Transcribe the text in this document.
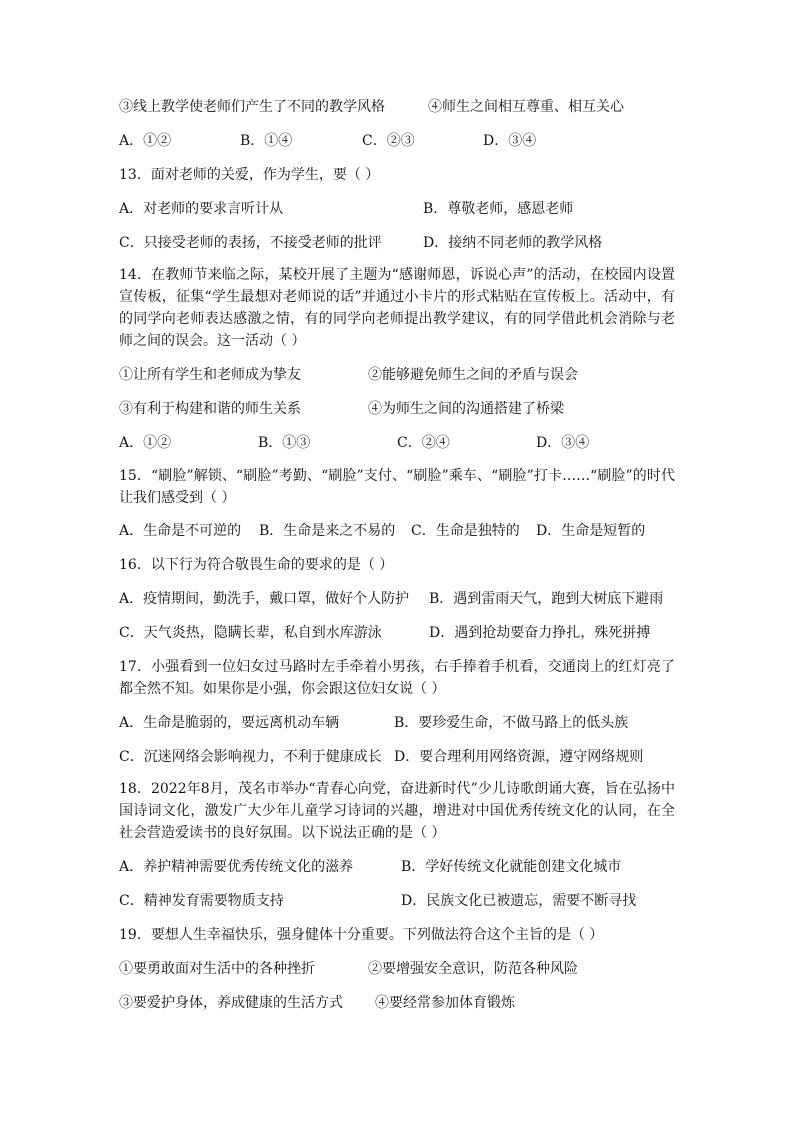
③线上教学使老师们产生了不同的教学风格	④师生之间相互尊重、相互关心
A．①②	B．①④	C．②③	D．③④
13．面对老师的关爱，作为学生，要（ ）
A．对老师的要求言听计从	B．尊敬老师，感恩老师
C．只接受老师的表扬，不接受老师的批评	D．接纳不同老师的教学风格
14．在教师节来临之际，某校开展了主题为“感谢师恩，诉说心声”的活动，在校园内设置宣传板，征集“学生最想对老师说的话”并通过小卡片的形式粘贴在宣传板上。活动中，有的同学向老师表达感激之情，有的同学向老师提出教学建议，有的同学借此机会消除与老师之间的误会。这一活动（ ）
①让所有学生和老师成为挚友	②能够避免师生之间的矛盾与误会
③有利于构建和谐的师生关系	④为师生之间的沟通搭建了桥梁
A．①②	B．①③	C．②④	D．③④
15．“刷脸”解锁、“刷脸”考勤、“刷脸”支付、“刷脸”乘车、“刷脸”打卡……“刷脸”的时代让我们感受到（ ）
A．生命是不可逆的 B．生命是来之不易的 C．生命是独特的 D．生命是短暂的
16．以下行为符合敬畏生命的要求的是（ ）
A．疫情期间，勤洗手，戴口罩，做好个人防护 B．遇到雷雨天气，跑到大树底下避雨
C．天气炎热，隐瞒长辈，私自到水库游泳	D．遇到抢劫要奋力挣扎，殊死拼搏
17．小强看到一位妇女过马路时左手牵着小男孩，右手捧着手机看，交通岗上的红灯亮了都全然不知。如果你是小强，你会跟这位妇女说（ ）
A．生命是脆弱的，要远离机动车辆	B．要珍爱生命，不做马路上的低头族
C．沉迷网络会影响视力，不利于健康成长 D．要合理利用网络资源，遵守网络规则
18．2022年8月，茂名市举办“青春心向党，奋进新时代”少儿诗歌朗诵大赛，旨在弘扬中国诗词文化，激发广大少年儿童学习诗词的兴趣，增进对中国优秀传统文化的认同，在全社会营造爱读书的良好氛围。以下说法正确的是（ ）
A．养护精神需要优秀传统文化的滋养	B．学好传统文化就能创建文化城市
C．精神发育需要物质支持	D．民族文化已被遗忘，需要不断寻找
19．要想人生幸福快乐，强身健体十分重要。下列做法符合这个主旨的是（ ）
①要勇敢面对生活中的各种挫折	②要增强安全意识，防范各种风险
③要爱护身体，养成健康的生活方式 ④要经常参加体育锻炼
